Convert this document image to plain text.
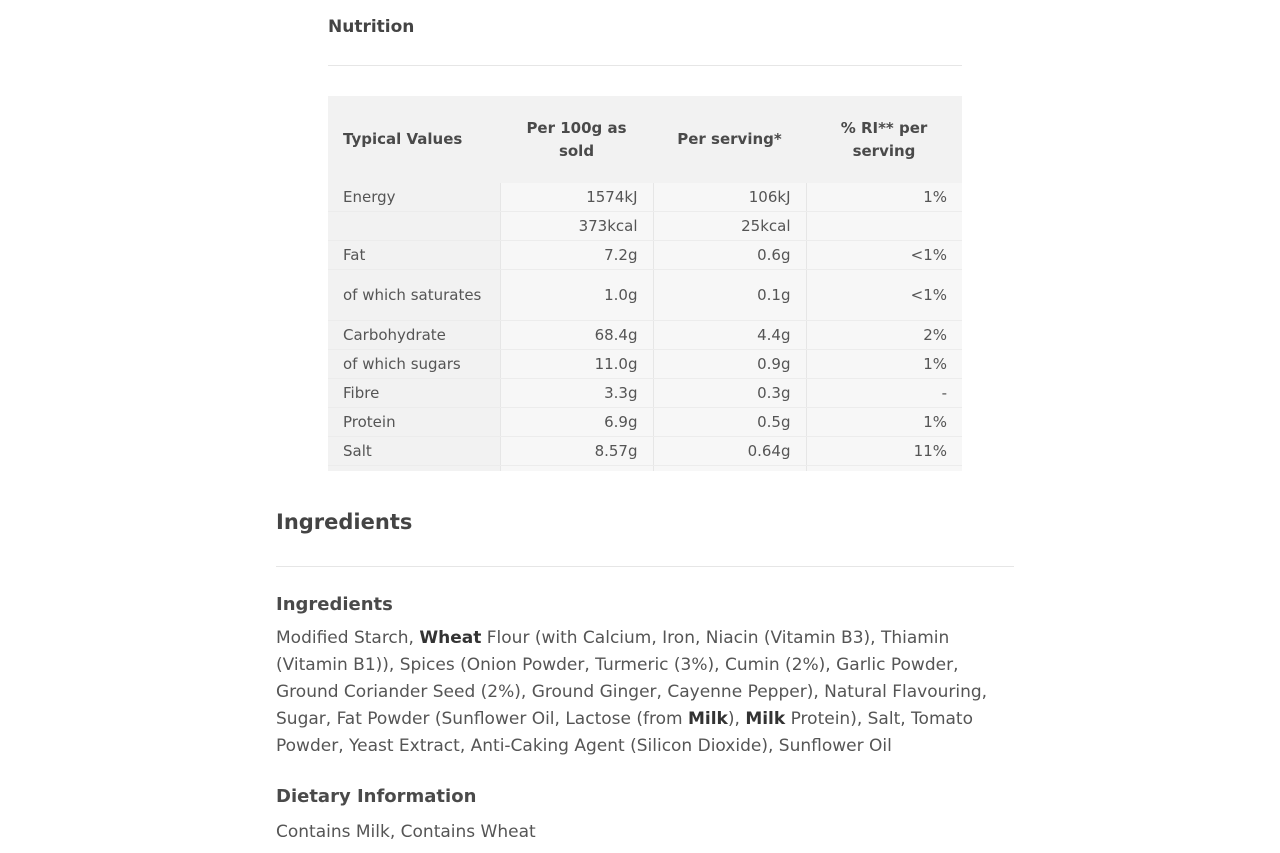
Nutrition
Typical Values	Per 100g as sold	Per serving*	% RI** per serving
Energy	1574kJ	106kJ	1%
	373kcal	25kcal	
Fat	7.2g	0.6g	<1%
of which saturates	1.0g	0.1g	<1%
Carbohydrate	68.4g	4.4g	2%
of which sugars	11.0g	0.9g	1%
Fibre	3.3g	0.3g	-
Protein	6.9g	0.5g	1%
Salt	8.57g	0.64g	11%

Ingredients
Ingredients

Modified Starch, Wheat Flour (with Calcium, Iron, Niacin (Vitamin B3), Thiamin (Vitamin B1)), Spices (Onion Powder, Turmeric (3%), Cumin (2%), Garlic Powder, Ground Coriander Seed (2%), Ground Ginger, Cayenne Pepper), Natural Flavouring, Sugar, Fat Powder (Sunflower Oil, Lactose (from Milk), Milk Protein), Salt, Tomato Powder, Yeast Extract, Anti-Caking Agent (Silicon Dioxide), Sunflower Oil

Dietary Information

Contains Milk, Contains Wheat
